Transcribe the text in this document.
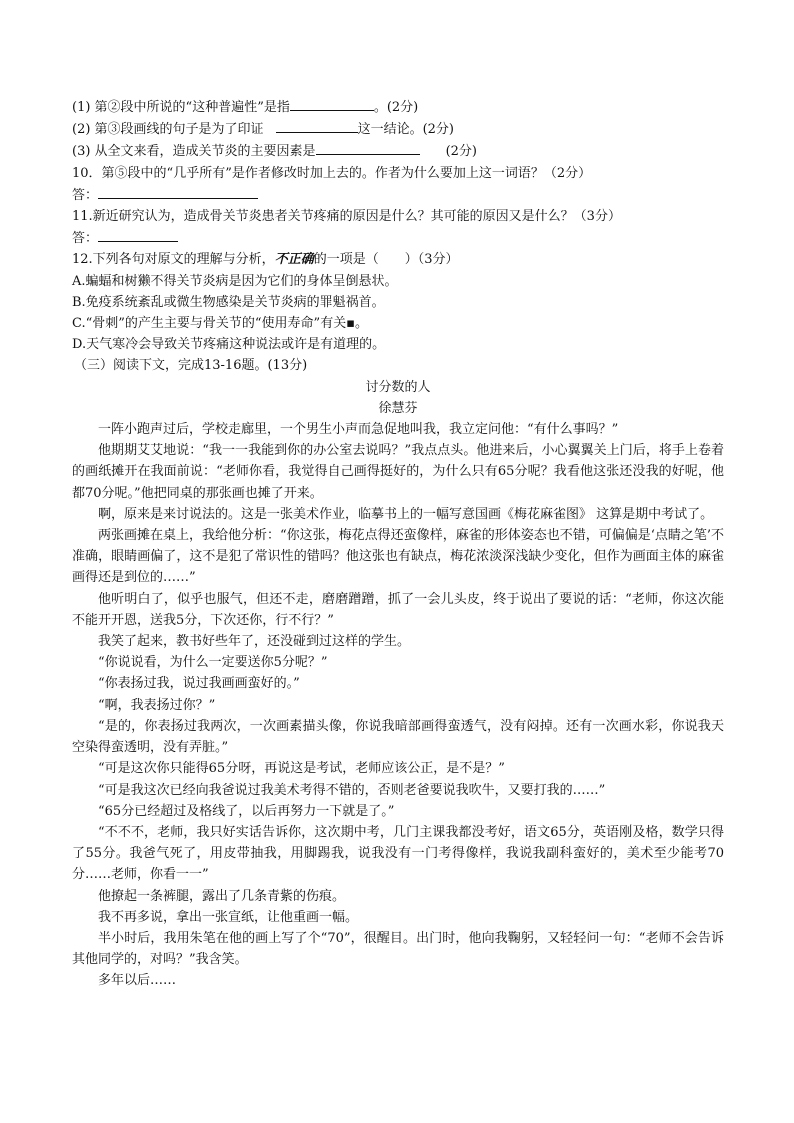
(1) 第②段中所说的“这种普遍性”是指	。(2分)
(2) 第③段画线的句子是为了印证	这一结论。(2分)
(3) 从全文来看，造成关节炎的主要因素是	(2分)
10．第⑤段中的“几乎所有”是作者修改时加上去的。作者为什么要加上这一词语？（2分）
答：
11.新近研究认为，造成骨关节炎患者关节疼痛的原因是什么？其可能的原因又是什么？（3分）
答：
12.下列各句对原文的理解与分析，不正确的一项是（　　）（3分）
A.蝙蝠和树獭不得关节炎病是因为它们的身体呈倒悬状。
B.免疫系统紊乱或微生物感染是关节炎病的罪魁祸首。
C.“骨刺”的产生主要与骨关节的“使用寿命”有关▪。
D.天气寒冷会导致关节疼痛这种说法或许是有道理的。
（三）阅读下文，完成13-16题。(13分)
讨分数的人
徐慧芬
一阵小跑声过后，学校走廊里，一个男生小声而急促地叫我，我立定问他：“有什么事吗？”
他期期艾艾地说：“我一一我能到你的办公室去说吗？”我点点头。他进来后，小心翼翼关上门后，将手上卷着的画纸摊开在我面前说：“老师你看，我觉得自己画得挺好的，为什么只有65分呢？我看他这张还没我的好呢，他都70分呢。”他把同桌的那张画也摊了开来。
啊，原来是来讨说法的。这是一张美术作业，临摹书上的一幅写意国画《梅花麻雀图》 这算是期中考试了。
两张画摊在桌上，我给他分析：“你这张，梅花点得还蛮像样，麻雀的形体姿态也不错，可偏偏是‘点睛之笔’不准确，眼睛画偏了，这不是犯了常识性的错吗？他这张也有缺点，梅花浓淡深浅缺少变化，但作为画面主体的麻雀画得还是到位的……”
他听明白了，似乎也服气，但还不走，磨磨蹭蹭，抓了一会儿头皮，终于说出了要说的话：“老师，你这次能不能开开恩，送我5分，下次还你，行不行？”
我笑了起来，教书好些年了，还没碰到过这样的学生。
“你说说看，为什么一定要送你5分呢？”
“你表扬过我，说过我画画蛮好的。”
“啊，我表扬过你？”
“是的，你表扬过我两次，一次画素描头像，你说我暗部画得蛮透气，没有闷掉。还有一次画水彩，你说我天空染得蛮透明，没有弄脏。”
“可是这次你只能得65分呀，再说这是考试，老师应该公正，是不是？”
“可是我这次已经向我爸说过我美术考得不错的，否则老爸要说我吹牛，又要打我的……”
“65分已经超过及格线了，以后再努力一下就是了。”
“不不不，老师，我只好实话告诉你，这次期中考，几门主课我都没考好，语文65分，英语刚及格，数学只得了55分。我爸气死了，用皮带抽我，用脚踢我，说我没有一门考得像样，我说我副科蛮好的，美术至少能考70分……老师，你看一一”
他撩起一条裤腿，露出了几条青紫的伤痕。
我不再多说，拿出一张宣纸，让他重画一幅。
半小时后，我用朱笔在他的画上写了个“70”，很醒目。出门时，他向我鞠躬，又轻轻问一句：“老师不会告诉其他同学的，对吗？”我含笑。
多年以后……
